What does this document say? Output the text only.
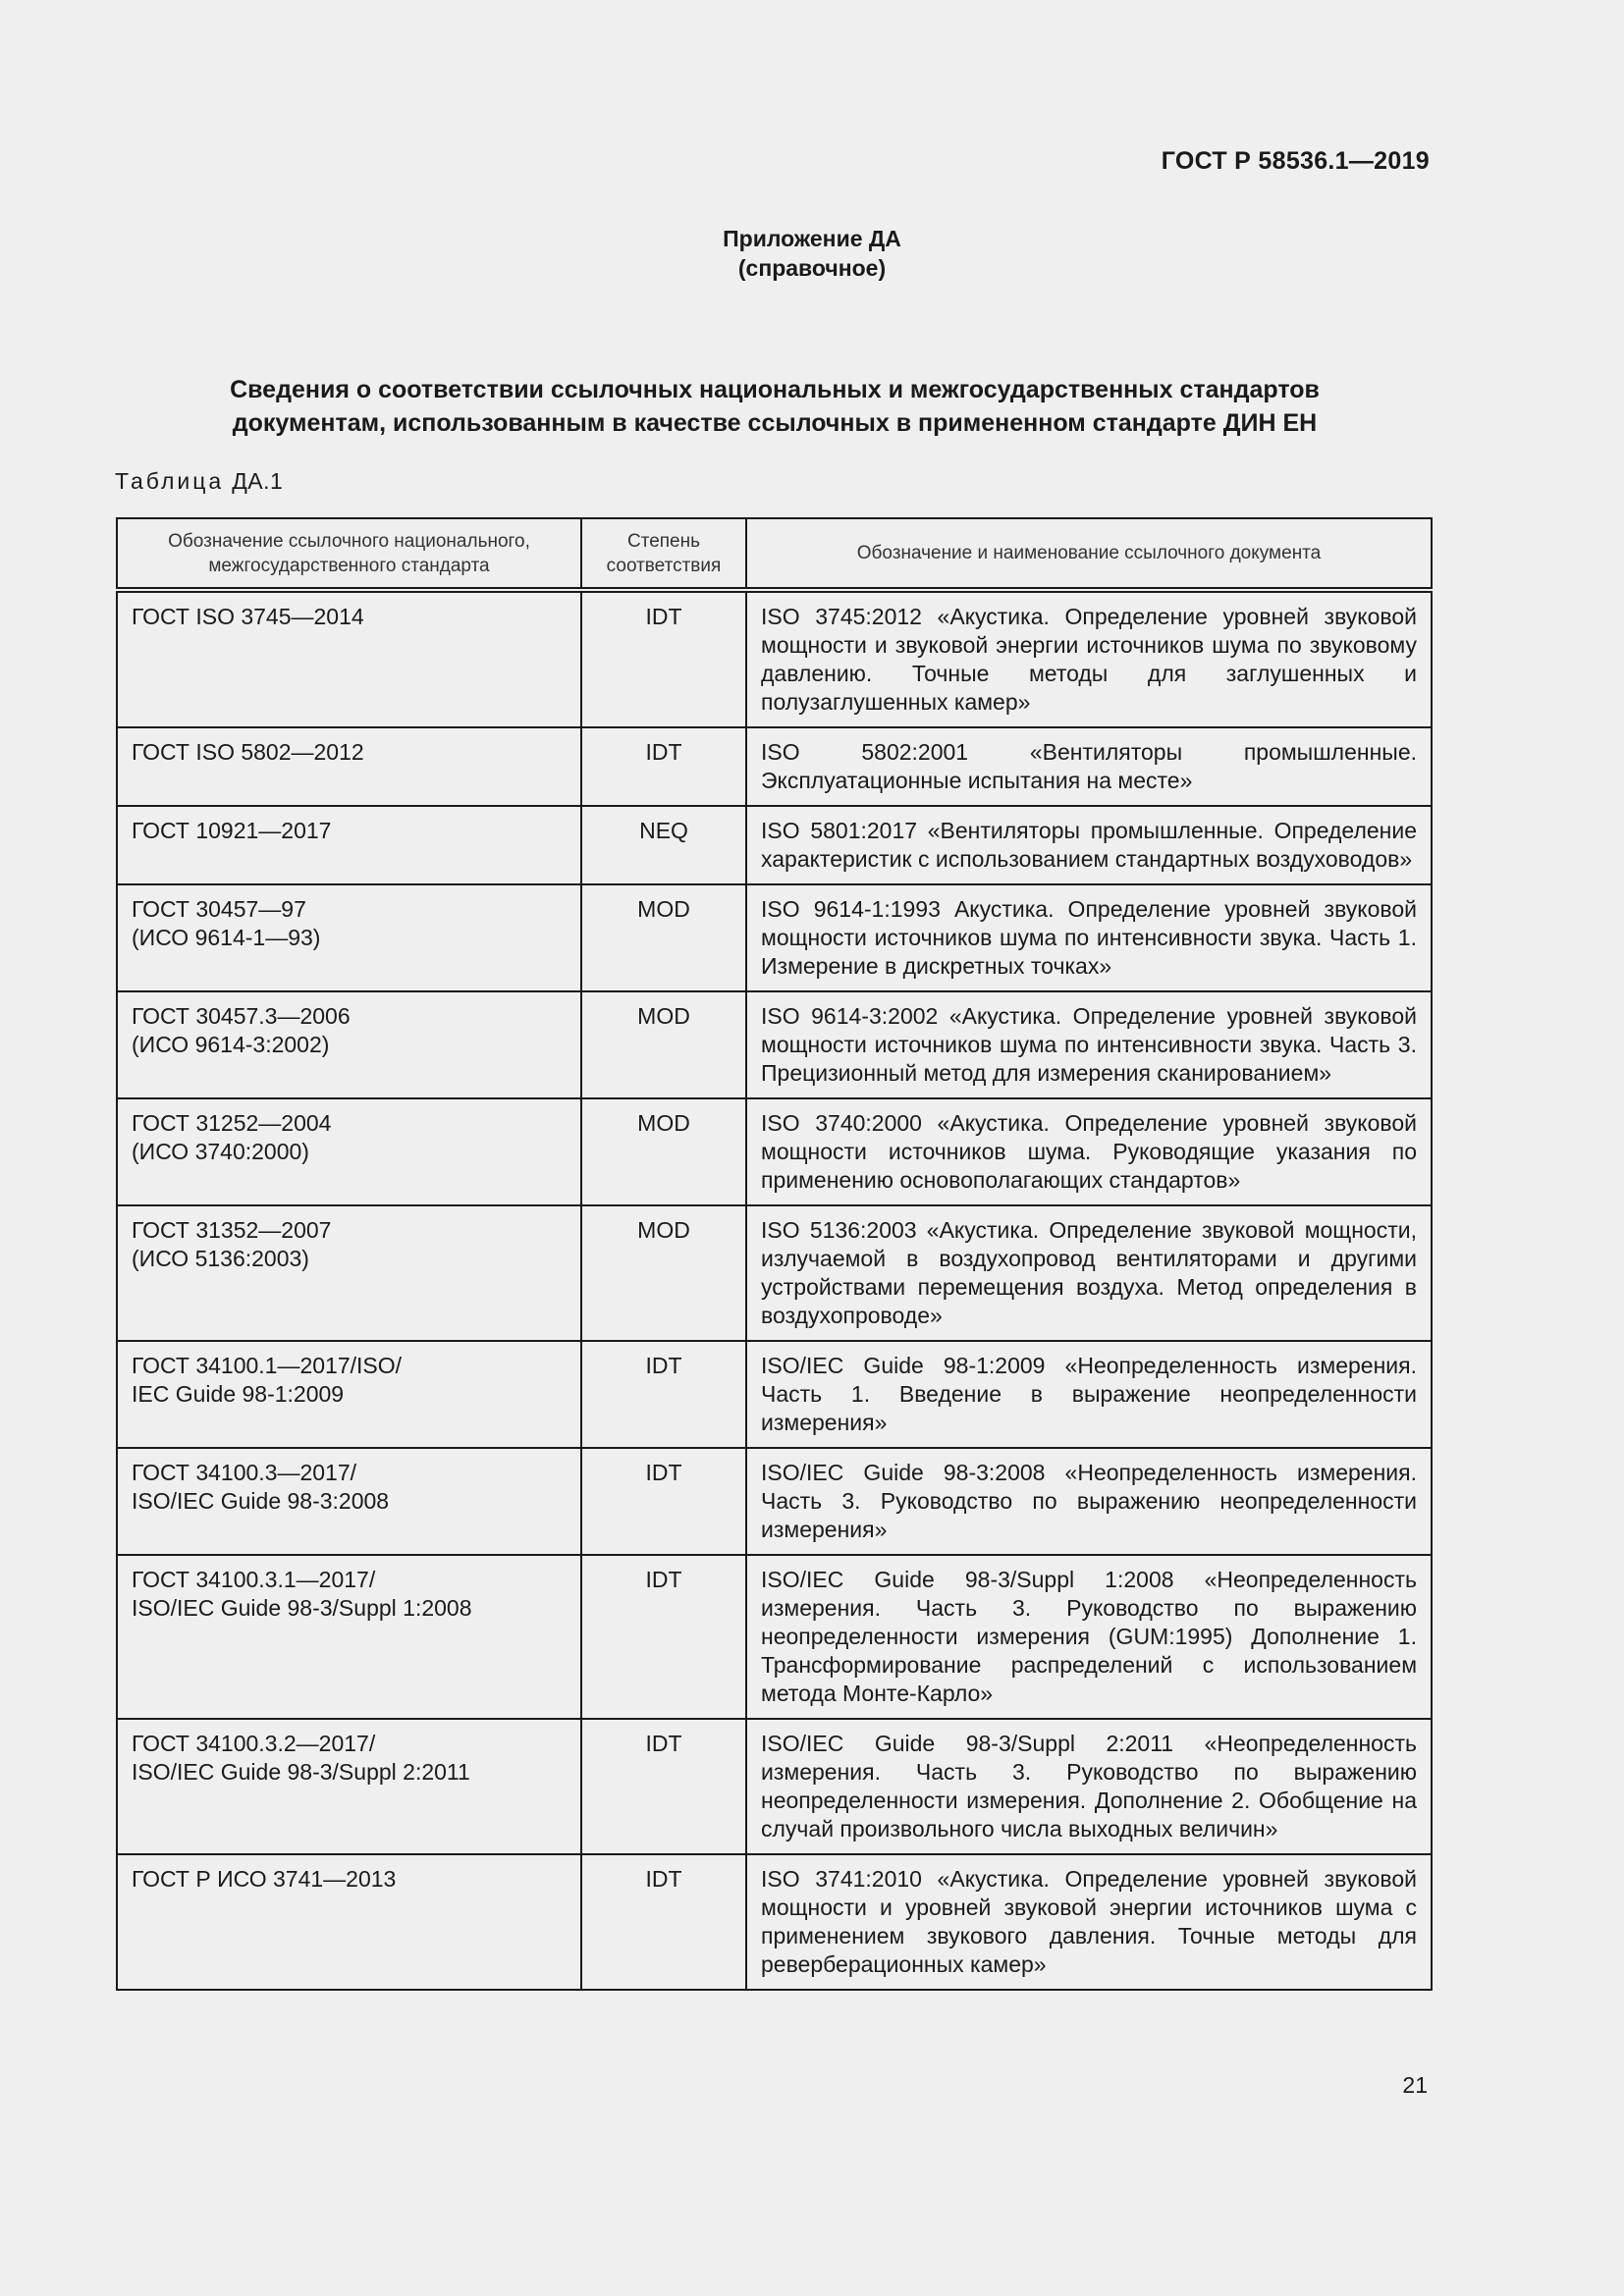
ГОСТ Р 58536.1—2019
Приложение ДА
(справочное)
Сведения о соответствии ссылочных национальных и межгосударственных стандартов
документам, использованным в качестве ссылочных в примененном стандарте ДИН ЕН
Таблица ДА.1
Обозначение ссылочного национального, межгосударственного стандарта	Степень соответствия	Обозначение и наименование ссылочного документа

ГОСТ ISO 3745—2014	IDT	ISO 3745:2012 «Акустика. Определение уровней звуковой мощности и звуковой энергии источников шума по звуковому давлению. Точные методы для заглушенных и полузаглушенных камер»

ГОСТ ISO 5802—2012	IDT	ISO 5802:2001 «Вентиляторы промышленные. Эксплуатационные испытания на месте»

ГОСТ 10921—2017	NEQ	ISO 5801:2017 «Вентиляторы промышленные. Определение характеристик с использованием стандартных воздуховодов»

ГОСТ 30457—97
(ИСО 9614-1—93)	MOD	ISO 9614-1:1993 Акустика. Определение уровней звуковой мощности источников шума по интенсивности звука. Часть 1. Измерение в дискретных точках»

ГОСТ 30457.3—2006
(ИСО 9614-3:2002)	MOD	ISO 9614-3:2002 «Акустика. Определение уровней звуковой мощности источников шума по интенсивности звука. Часть 3. Прецизионный метод для измерения сканированием»

ГОСТ 31252—2004
(ИСО 3740:2000)	MOD	ISO 3740:2000 «Акустика. Определение уровней звуковой мощности источников шума. Руководящие указания по применению основополагающих стандартов»

ГОСТ 31352—2007
(ИСО 5136:2003)	MOD	ISO 5136:2003 «Акустика. Определение звуковой мощности, излучаемой в воздухопровод вентиляторами и другими устройствами перемещения воздуха. Метод определения в воздухопроводе»

ГОСТ 34100.1—2017/ISO/
IEC Guide 98-1:2009	IDT	ISO/IEC Guide 98-1:2009 «Неопределенность измерения. Часть 1. Введение в выражение неопределенности измерения»

ГОСТ 34100.3—2017/
ISO/IEC Guide 98-3:2008	IDT	ISO/IEC Guide 98-3:2008 «Неопределенность измерения. Часть 3. Руководство по выражению неопределенности измерения»

ГОСТ 34100.3.1—2017/
ISO/IEC Guide 98-3/Suppl 1:2008	IDT	ISO/IEC Guide 98-3/Suppl 1:2008 «Неопределенность измерения. Часть 3. Руководство по выражению неопределенности измерения (GUM:1995) Дополнение 1. Трансформирование распределений с использованием метода Монте-Карло»

ГОСТ 34100.3.2—2017/
ISO/IEC Guide 98-3/Suppl 2:2011	IDT	ISO/IEC Guide 98-3/Suppl 2:2011 «Неопределенность измерения. Часть 3. Руководство по выражению неопределенности измерения. Дополнение 2. Обобщение на случай произвольного числа выходных величин»

ГОСТ Р ИСО 3741—2013	IDT	ISO 3741:2010 «Акустика. Определение уровней звуковой мощности и уровней звуковой энергии источников шума с применением звукового давления. Точные методы для реверберационных камер»
21
